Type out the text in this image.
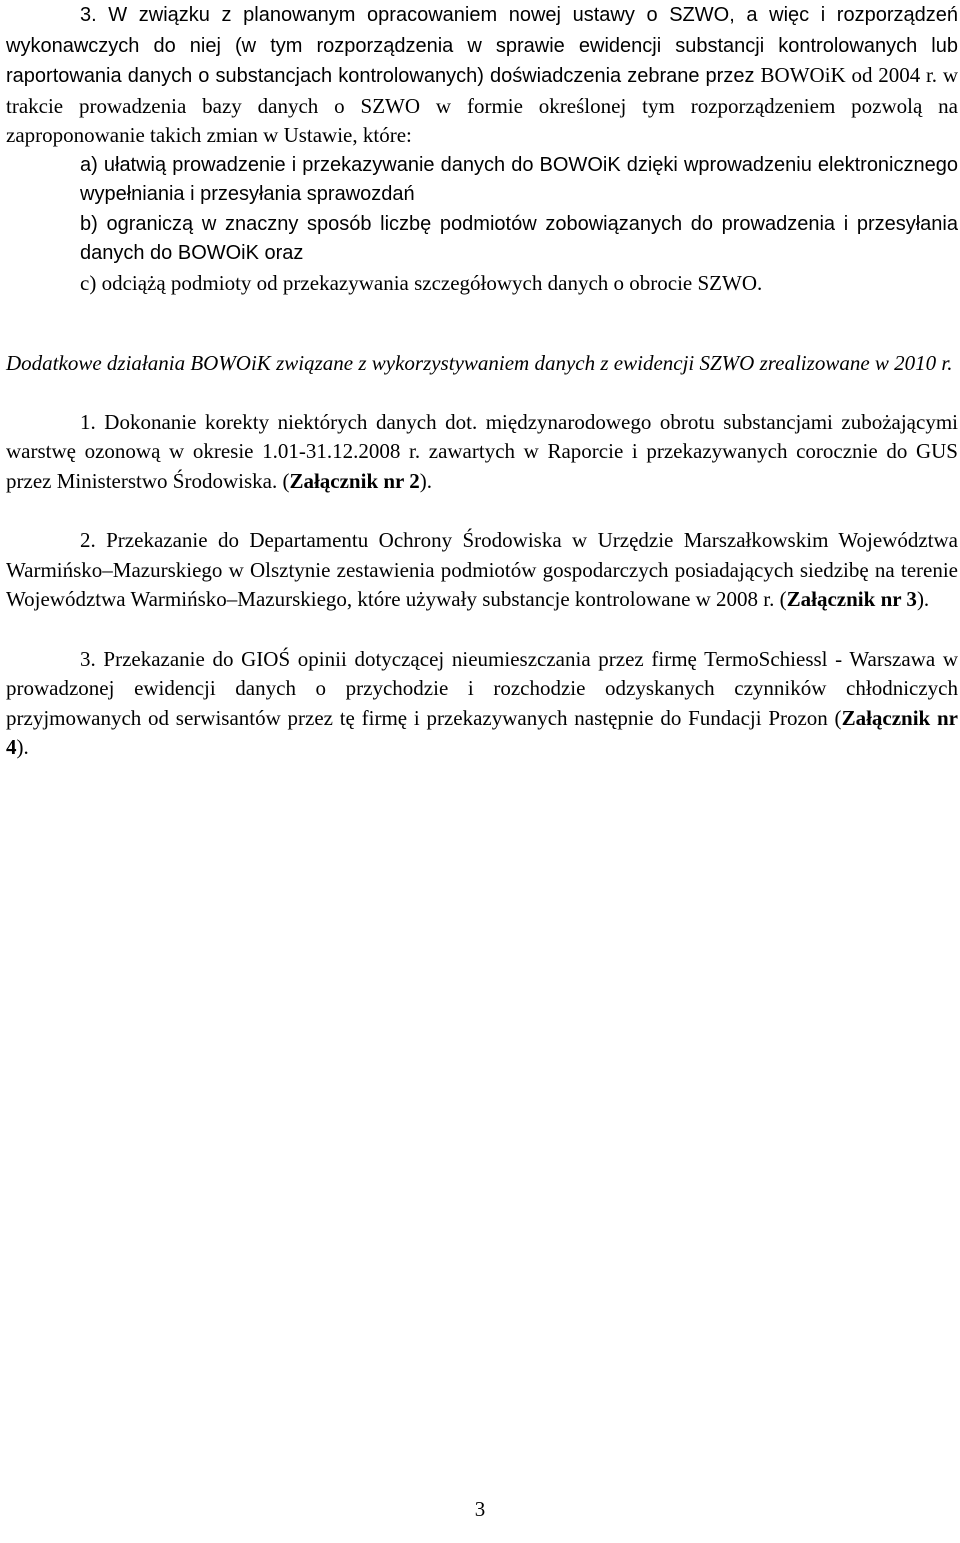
3. W związku z planowanym opracowaniem nowej ustawy o SZWO, a więc i rozporządzeń wykonawczych do niej (w tym rozporządzenia w sprawie ewidencji substancji kontrolowanych lub raportowania danych o substancjach kontrolowanych) doświadczenia zebrane przez BOWOiK od 2004 r. w trakcie prowadzenia bazy danych o SZWO w formie określonej tym rozporządzeniem pozwolą na zaproponowanie takich zmian w Ustawie, które:

a) ułatwią prowadzenie i przekazywanie danych do BOWOiK dzięki wprowadzeniu elektronicznego wypełniania i przesyłania sprawozdań

b) ograniczą w znaczny sposób liczbę podmiotów zobowiązanych do prowadzenia i przesyłania danych do BOWOiK oraz

c) odciążą podmioty od przekazywania szczegółowych danych o obrocie SZWO.

Dodatkowe działania BOWOiK związane z wykorzystywaniem danych z ewidencji SZWO zrealizowane w 2010 r.

1. Dokonanie korekty niektórych danych dot. międzynarodowego obrotu substancjami zubożającymi warstwę ozonową w okresie 1.01-31.12.2008 r. zawartych w Raporcie i przekazywanych corocznie do GUS przez Ministerstwo Środowiska. (Załącznik nr 2).

2. Przekazanie do Departamentu Ochrony Środowiska w Urzędzie Marszałkowskim Województwa Warmińsko–Mazurskiego w Olsztynie zestawienia podmiotów gospodarczych posiadających siedzibę na terenie Województwa Warmińsko–Mazurskiego, które używały substancje kontrolowane w 2008 r. (Załącznik nr 3).

3. Przekazanie do GIOŚ opinii dotyczącej nieumieszczania przez firmę TermoSchiessl - Warszawa w prowadzonej ewidencji danych o przychodzie i rozchodzie odzyskanych czynników chłodniczych przyjmowanych od serwisantów przez tę firmę i przekazywanych następnie do Fundacji Prozon (Załącznik nr 4).

3
